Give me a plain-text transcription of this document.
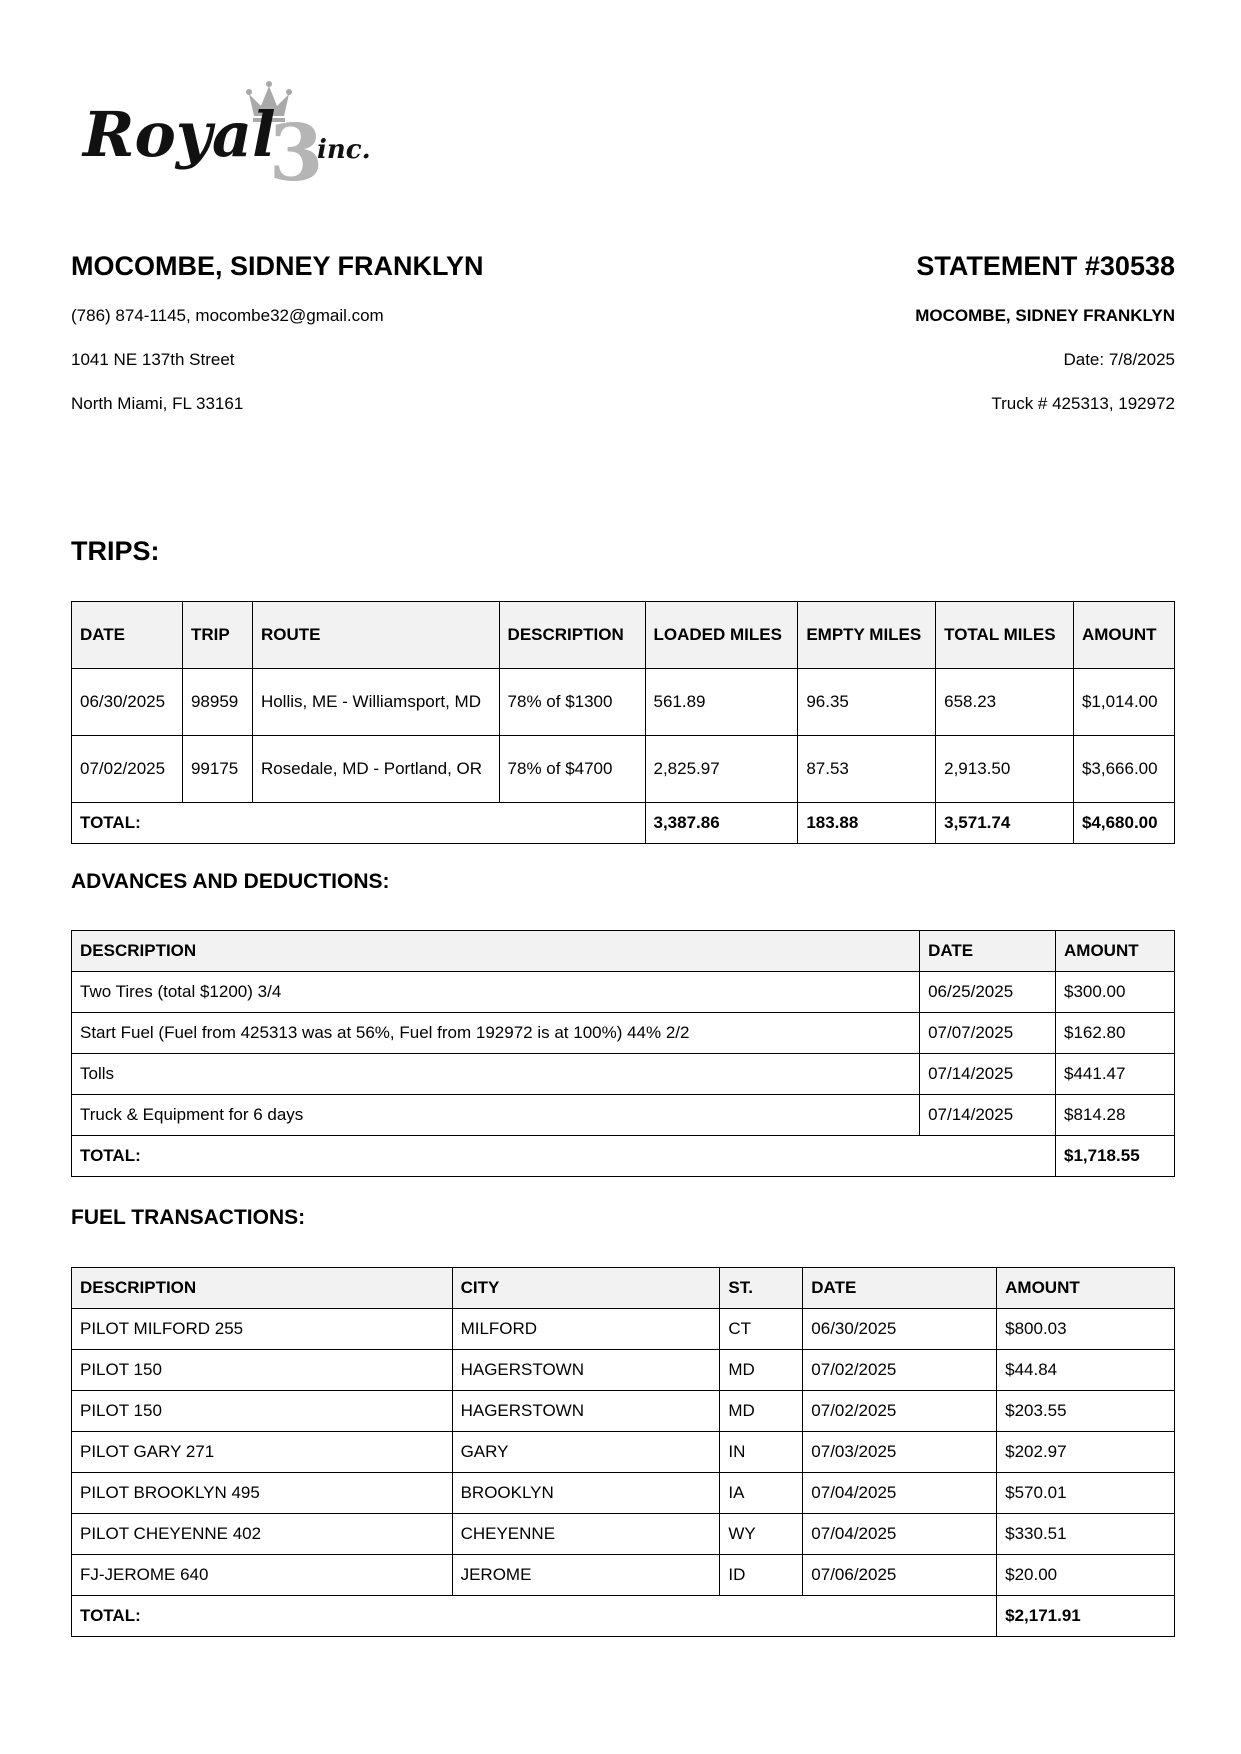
Royal
3
inc.
MOCOMBE, SIDNEY FRANKLYN
(786) 874-1145, mocombe32@gmail.com
1041 NE 137th Street
North Miami, FL 33161
STATEMENT #30538
MOCOMBE, SIDNEY FRANKLYN
Date: 7/8/2025
Truck # 425313, 192972
TRIPS:
DATE	TRIP	ROUTE	DESCRIPTION	LOADED MILES	EMPTY MILES	TOTAL MILES	AMOUNT
06/30/2025	98959	Hollis, ME - Williamsport, MD	78% of $1300	561.89	96.35	658.23	$1,014.00
07/02/2025	99175	Rosedale, MD - Portland, OR	78% of $4700	2,825.97	87.53	2,913.50	$3,666.00
TOTAL:				3,387.86	183.88	3,571.74	$4,680.00
ADVANCES AND DEDUCTIONS:
DESCRIPTION	DATE	AMOUNT
Two Tires (total $1200) 3/4	06/25/2025	$300.00
Start Fuel (Fuel from 425313 was at 56%, Fuel from 192972 is at 100%) 44% 2/2	07/07/2025	$162.80
Tolls	07/14/2025	$441.47
Truck & Equipment for 6 days	07/14/2025	$814.28
TOTAL:		$1,718.55
FUEL TRANSACTIONS:
DESCRIPTION	CITY	ST.	DATE	AMOUNT
PILOT MILFORD 255	MILFORD	CT	06/30/2025	$800.03
PILOT 150	HAGERSTOWN	MD	07/02/2025	$44.84
PILOT 150	HAGERSTOWN	MD	07/02/2025	$203.55
PILOT GARY 271	GARY	IN	07/03/2025	$202.97
PILOT BROOKLYN 495	BROOKLYN	IA	07/04/2025	$570.01
PILOT CHEYENNE 402	CHEYENNE	WY	07/04/2025	$330.51
FJ-JEROME 640	JEROME	ID	07/06/2025	$20.00
TOTAL:				$2,171.91
